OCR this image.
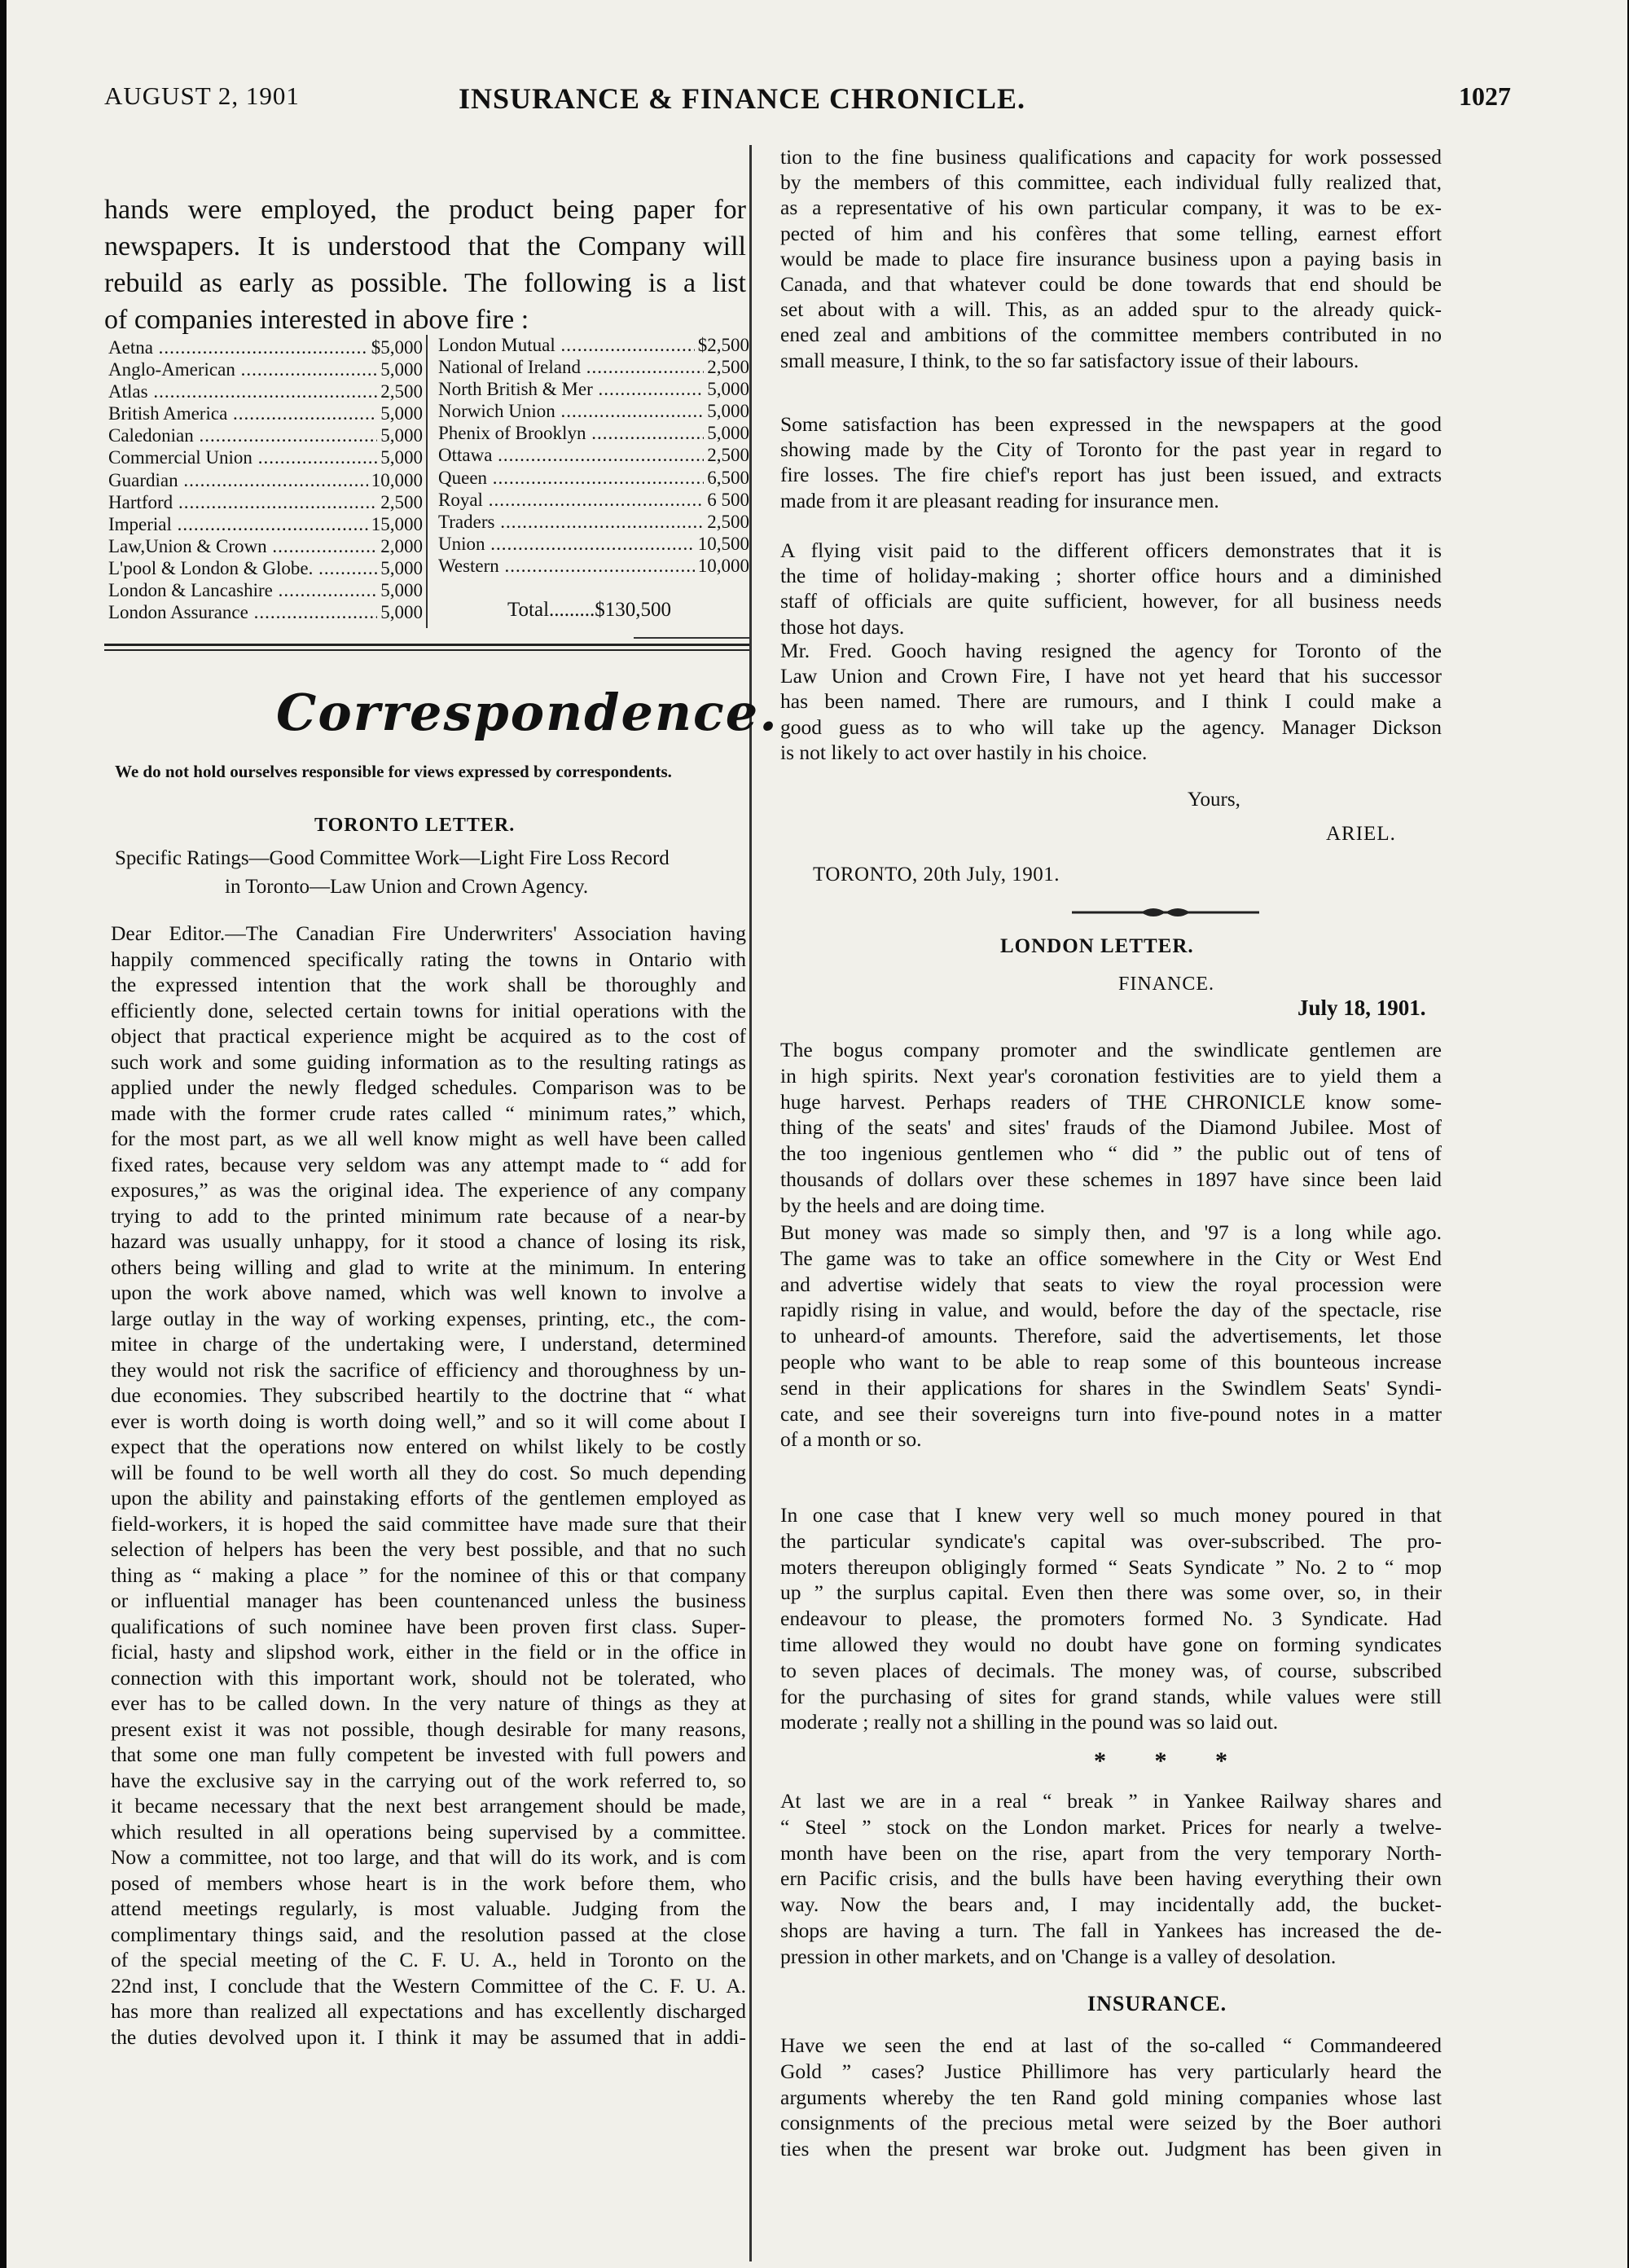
AUGUST 2, 1901	INSURANCE & FINANCE CHRONICLE.	1027
Aetna .....	$5,000
Anglo-American .....	5,000
Atlas .....	2,500
British America .....	5,000
Caledonian .....	5,000
Commercial Union .....	5,000
Guardian .....	10,000
Hartford .....	2,500
Imperial .....	15,000
Law,Union & Crown .....	2,000
L'pool & London & Globe. .....	5,000
London & Lancashire .....	5,000
London Assurance .....	5,000
London Mutual .....	$2,500
National of Ireland .....	2,500
North British & Mer .....	5,000
Norwich Union .....	5,000
Phenix of Brooklyn .....	5,000
Ottawa .....	2,500
Queen .....	6,500
Royal .....	6 500
Traders .....	2,500
Union .....	10,500
Western .....	10,000
Total.........$130,500
Correspondence.
We do not hold ourselves responsible for views expressed by correspondents.
TORONTO LETTER.
Yours,
ARIEL.
TORONTO, 20th July, 1901.
LONDON LETTER.
FINANCE.
July 18, 1901.
* * *
INSURANCE.

hands were employed, the product being paper for

newspapers. It is understood that the Company will

rebuild as early as possible. The following is a list

of companies interested in above fire :

Specific Ratings—Good Committee Work—Light Fire Loss Record
in Toronto—Law Union and Crown Agency.

Dear Editor.—The Canadian Fire Underwriters' Association having

happily commenced specifically rating the towns in Ontario with

the expressed intention that the work shall be thoroughly and

efficiently done, selected certain towns for initial operations with the

object that practical experience might be acquired as to the cost of

such work and some guiding information as to the resulting ratings as

applied under the newly fledged schedules. Comparison was to be

made with the former crude rates called “ minimum rates,” which,

for the most part, as we all well know might as well have been called

fixed rates, because very seldom was any attempt made to “ add for

exposures,” as was the original idea. The experience of any company

trying to add to the printed minimum rate because of a near-by

hazard was usually unhappy, for it stood a chance of losing its risk,

others being willing and glad to write at the minimum. In entering

upon the work above named, which was well known to involve a

large outlay in the way of working expenses, printing, etc., the com-

mitee in charge of the undertaking were, I understand, determined

they would not risk the sacrifice of efficiency and thoroughness by un-

due economies. They subscribed heartily to the doctrine that “ what

ever is worth doing is worth doing well,” and so it will come about I

expect that the operations now entered on whilst likely to be costly

will be found to be well worth all they do cost. So much depending

upon the ability and painstaking efforts of the gentlemen employed as

field-workers, it is hoped the said committee have made sure that their

selection of helpers has been the very best possible, and that no such

thing as “ making a place ” for the nominee of this or that company

or influential manager has been countenanced unless the business

qualifications of such nominee have been proven first class. Super-

ficial, hasty and slipshod work, either in the field or in the office in

connection with this important work, should not be tolerated, who

ever has to be called down. In the very nature of things as they at

present exist it was not possible, though desirable for many reasons,

that some one man fully competent be invested with full powers and

have the exclusive say in the carrying out of the work referred to, so

it became necessary that the next best arrangement should be made,

which resulted in all operations being supervised by a committee.

Now a committee, not too large, and that will do its work, and is com

posed of members whose heart is in the work before them, who

attend meetings regularly, is most valuable. Judging from the

complimentary things said, and the resolution passed at the close

of the special meeting of the C. F. U. A., held in Toronto on the

22nd inst, I conclude that the Western Committee of the C. F. U. A.

has more than realized all expectations and has excellently discharged

the duties devolved upon it. I think it may be assumed that in addi-

tion to the fine business qualifications and capacity for work possessed

by the members of this committee, each individual fully realized that,

as a representative of his own particular company, it was to be ex-

pected of him and his confères that some telling, earnest effort

would be made to place fire insurance business upon a paying basis in

Canada, and that whatever could be done towards that end should be

set about with a will. This, as an added spur to the already quick-

ened zeal and ambitions of the committee members contributed in no

small measure, I think, to the so far satisfactory issue of their labours.

Some satisfaction has been expressed in the newspapers at the good

showing made by the City of Toronto for the past year in regard to

fire losses. The fire chief's report has just been issued, and extracts

made from it are pleasant reading for insurance men.

A flying visit paid to the different officers demonstrates that it is

the time of holiday-making ; shorter office hours and a diminished

staff of officials are quite sufficient, however, for all business needs

those hot days.

Mr. Fred. Gooch having resigned the agency for Toronto of the

Law Union and Crown Fire, I have not yet heard that his successor

has been named. There are rumours, and I think I could make a

good guess as to who will take up the agency. Manager Dickson

is not likely to act over hastily in his choice.

The bogus company promoter and the swindlicate gentlemen are

in high spirits. Next year's coronation festivities are to yield them a

huge harvest. Perhaps readers of THE CHRONICLE know some-

thing of the seats' and sites' frauds of the Diamond Jubilee. Most of

the too ingenious gentlemen who “ did ” the public out of tens of

thousands of dollars over these schemes in 1897 have since been laid

by the heels and are doing time.

But money was made so simply then, and '97 is a long while ago.

The game was to take an office somewhere in the City or West End

and advertise widely that seats to view the royal procession were

rapidly rising in value, and would, before the day of the spectacle, rise

to unheard-of amounts. Therefore, said the advertisements, let those

people who want to be able to reap some of this bounteous increase

send in their applications for shares in the Swindlem Seats' Syndi-

cate, and see their sovereigns turn into five-pound notes in a matter

of a month or so.

In one case that I knew very well so much money poured in that

the particular syndicate's capital was over-subscribed. The pro-

moters thereupon obligingly formed “ Seats Syndicate ” No. 2 to “ mop

up ” the surplus capital. Even then there was some over, so, in their

endeavour to please, the promoters formed No. 3 Syndicate. Had

time allowed they would no doubt have gone on forming syndicates

to seven places of decimals. The money was, of course, subscribed

for the purchasing of sites for grand stands, while values were still

moderate ; really not a shilling in the pound was so laid out.

At last we are in a real “ break ” in Yankee Railway shares and

“ Steel ” stock on the London market. Prices for nearly a twelve-

month have been on the rise, apart from the very temporary North-

ern Pacific crisis, and the bulls have been having everything their own

way. Now the bears and, I may incidentally add, the bucket-

shops are having a turn. The fall in Yankees has increased the de-

pression in other markets, and on 'Change is a valley of desolation.

Have we seen the end at last of the so-called “ Commandeered

Gold ” cases? Justice Phillimore has very particularly heard the

arguments whereby the ten Rand gold mining companies whose last

consignments of the precious metal were seized by the Boer authori

ties when the present war broke out. Judgment has been given in
